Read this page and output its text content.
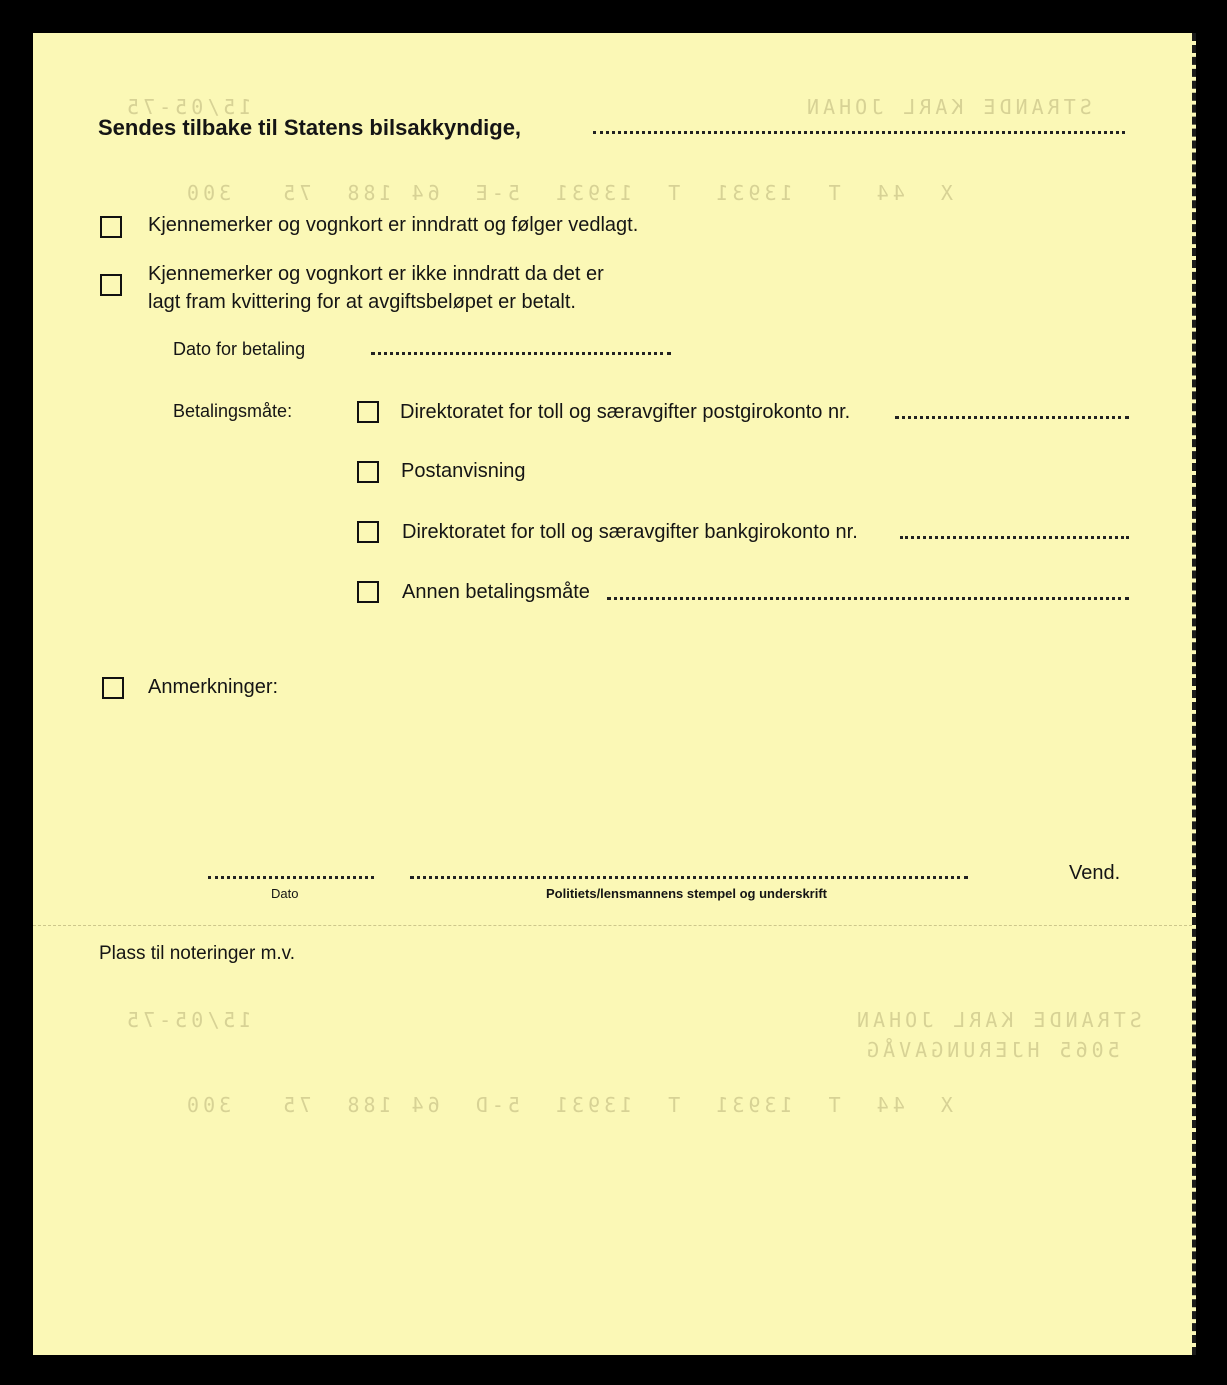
STRANDE KARL JOHAN
15/05-75
X  44  T  13931  T  13931  5-E  64 188  75   300
STRANDE KARL JOHAN
5065 HJERUNGAVÅG
15/05-75
X  44  T  13931  T  13931  5-D  64 188  75   300
Sendes tilbake til Statens bilsakkyndige,
Kjennemerker og vognkort er inndratt og følger vedlagt.
Kjennemerker og vognkort er ikke inndratt da det er
lagt fram kvittering for at avgiftsbeløpet er betalt.
Dato for betaling
Betalingsmåte:	Direktoratet for toll og særavgifter postgirokonto nr.
Postanvisning
Direktoratet for toll og særavgifter bankgirokonto nr.
Annen betalingsmåte
Anmerkninger:
Dato	Politiets/lensmannens stempel og underskrift
Vend.
Plass til noteringer m.v.
